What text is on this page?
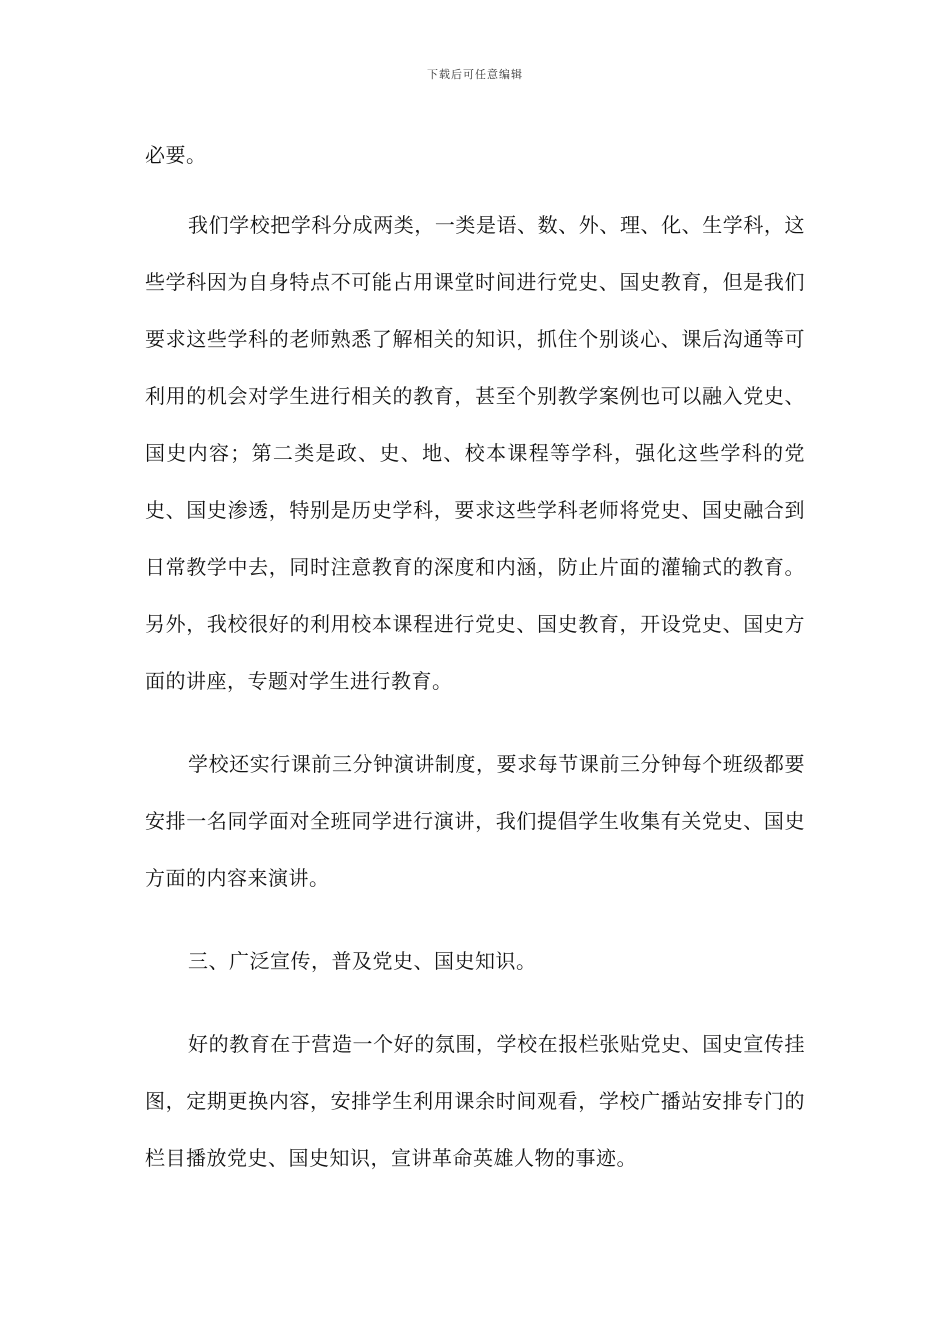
下载后可任意编辑

必要。

我们学校把学科分成两类，一类是语、数、外、理、化、生学科，这些学科因为自身特点不可能占用课堂时间进行党史、国史教育，但是我们要求这些学科的老师熟悉了解相关的知识，抓住个别谈心、课后沟通等可利用的机会对学生进行相关的教育，甚至个别教学案例也可以融入党史、国史内容；第二类是政、史、地、校本课程等学科，强化这些学科的党史、国史渗透，特别是历史学科，要求这些学科老师将党史、国史融合到日常教学中去，同时注意教育的深度和内涵，防止片面的灌输式的教育。另外，我校很好的利用校本课程进行党史、国史教育，开设党史、国史方面的讲座，专题对学生进行教育。

学校还实行课前三分钟演讲制度，要求每节课前三分钟每个班级都要安排一名同学面对全班同学进行演讲，我们提倡学生收集有关党史、国史方面的内容来演讲。

三、广泛宣传，普及党史、国史知识。

好的教育在于营造一个好的氛围，学校在报栏张贴党史、国史宣传挂图，定期更换内容，安排学生利用课余时间观看，学校广播站安排专门的栏目播放党史、国史知识，宣讲革命英雄人物的事迹。
